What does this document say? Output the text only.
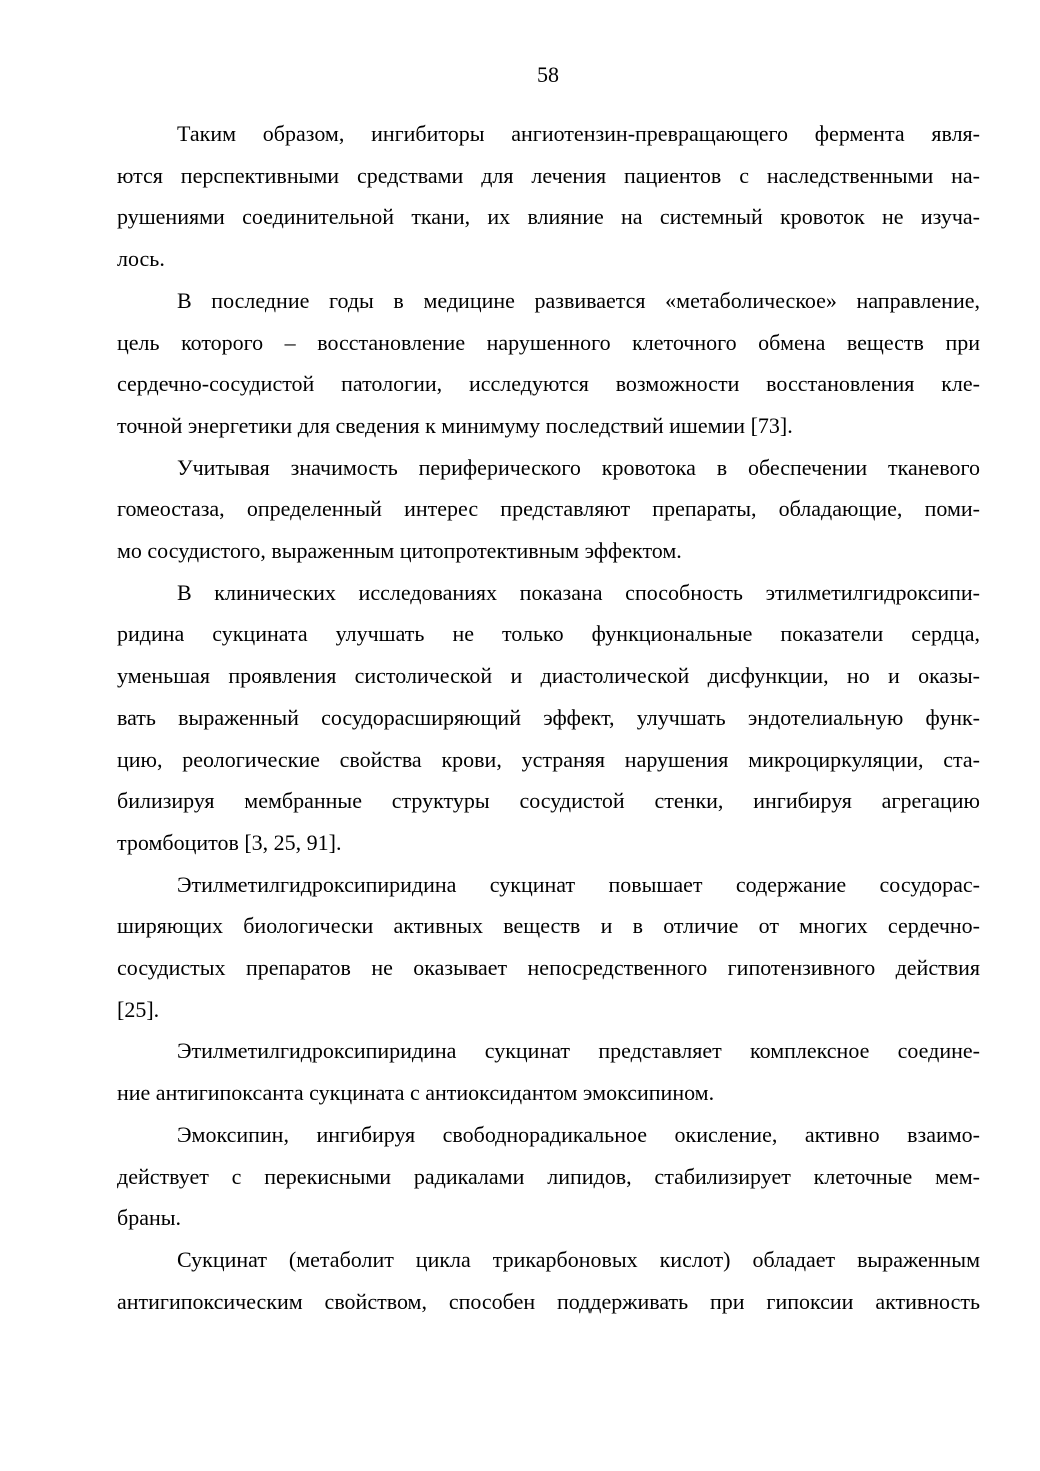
58

Таким образом, ингибиторы ангиотензин-превращающего фермента явля-
ются перспективными средствами для лечения пациентов с наследственными на-
рушениями соединительной ткани, их влияние на системный кровоток не изуча-
лось.

В последние годы в медицине развивается «метаболическое» направление,
цель которого – восстановление нарушенного клеточного обмена веществ при
сердечно-сосудистой патологии, исследуются возможности восстановления кле-
точной энергетики для сведения к минимуму последствий ишемии [73].

Учитывая значимость периферического кровотока в обеспечении тканевого
гомеостаза, определенный интерес представляют препараты, обладающие, поми-
мо сосудистого, выраженным цитопротективным эффектом.

В клинических исследованиях показана способность этилметилгидроксипи-
ридина сукцината улучшать не только функциональные показатели сердца,
уменьшая проявления систолической и диастолической дисфункции, но и оказы-
вать выраженный сосудорасширяющий эффект, улучшать эндотелиальную функ-
цию, реологические свойства крови, устраняя нарушения микроциркуляции, ста-
билизируя мембранные структуры сосудистой стенки, ингибируя агрегацию
тромбоцитов [3, 25, 91].

Этилметилгидроксипиридина сукцинат повышает содержание сосудорас-
ширяющих биологически активных веществ и в отличие от многих сердечно-
сосудистых препаратов не оказывает непосредственного гипотензивного действия
[25].

Этилметилгидроксипиридина сукцинат представляет комплексное соедине-
ние антигипоксанта сукцината с антиоксидантом эмоксипином.

Эмоксипин, ингибируя свободнорадикальное окисление, активно взаимо-
действует с перекисными радикалами липидов, стабилизирует клеточные мем-
браны.

Сукцинат (метаболит цикла трикарбоновых кислот) обладает выраженным
антигипоксическим свойством, способен поддерживать при гипоксии активность
